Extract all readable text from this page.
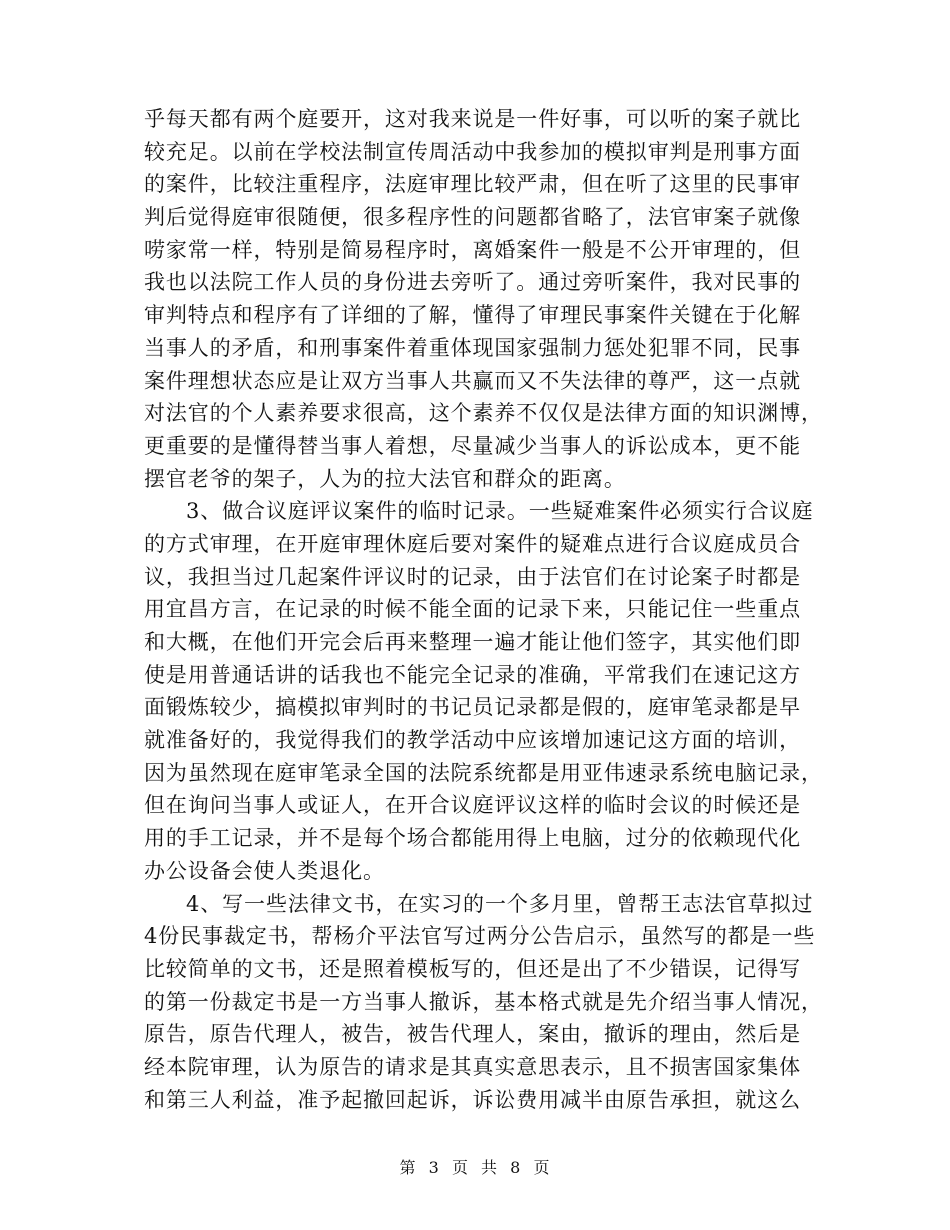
乎每天都有两个庭要开，这对我来说是一件好事，可以听的案子就比
较充足。以前在学校法制宣传周活动中我参加的模拟审判是刑事方面
的案件，比较注重程序，法庭审理比较严肃，但在听了这里的民事审
判后觉得庭审很随便，很多程序性的问题都省略了，法官审案子就像
唠家常一样，特别是简易程序时，离婚案件一般是不公开审理的，但
我也以法院工作人员的身份进去旁听了。通过旁听案件，我对民事的
审判特点和程序有了详细的了解，懂得了审理民事案件关键在于化解
当事人的矛盾，和刑事案件着重体现国家强制力惩处犯罪不同，民事
案件理想状态应是让双方当事人共赢而又不失法律的尊严，这一点就
对法官的个人素养要求很高，这个素养不仅仅是法律方面的知识渊博，
更重要的是懂得替当事人着想，尽量减少当事人的诉讼成本，更不能
摆官老爷的架子，人为的拉大法官和群众的距离。
3、做合议庭评议案件的临时记录。一些疑难案件必须实行合议庭
的方式审理，在开庭审理休庭后要对案件的疑难点进行合议庭成员合
议，我担当过几起案件评议时的记录，由于法官们在讨论案子时都是
用宜昌方言，在记录的时候不能全面的记录下来，只能记住一些重点
和大概，在他们开完会后再来整理一遍才能让他们签字，其实他们即
使是用普通话讲的话我也不能完全记录的准确，平常我们在速记这方
面锻炼较少，搞模拟审判时的书记员记录都是假的，庭审笔录都是早
就准备好的，我觉得我们的教学活动中应该增加速记这方面的培训，
因为虽然现在庭审笔录全国的法院系统都是用亚伟速录系统电脑记录，
但在询问当事人或证人，在开合议庭评议这样的临时会议的时候还是
用的手工记录，并不是每个场合都能用得上电脑，过分的依赖现代化
办公设备会使人类退化。
4、写一些法律文书，在实习的一个多月里，曾帮王志法官草拟过
4份民事裁定书，帮杨介平法官写过两分公告启示，虽然写的都是一些
比较简单的文书，还是照着模板写的，但还是出了不少错误，记得写
的第一份裁定书是一方当事人撤诉，基本格式就是先介绍当事人情况，
原告，原告代理人，被告，被告代理人，案由，撤诉的理由，然后是
经本院审理，认为原告的请求是其真实意思表示，且不损害国家集体
和第三人利益，准予起撤回起诉，诉讼费用减半由原告承担，就这么
第 3 页 共 8 页
